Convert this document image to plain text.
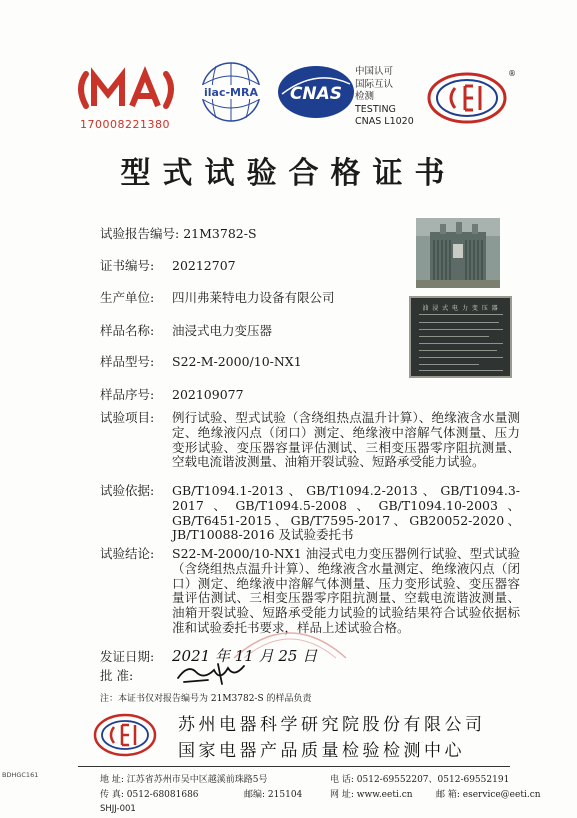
MA
170008221380
ilac-MRA CNAS
中国认可
国际互认
检测
TESTING
CNAS L1020
®
型式试验合格证书
试验报告编号: 21M3782-S
证书编号: 20212707
生产单位: 四川弗莱特电力设备有限公司
样品名称: 油浸式电力变压器
样品型号: S22-M-2000/10-NX1
样品序号: 202109077
油 浸 式 电 力 变 压 器
试验项目:	例行试验、型式试验（含绕组热点温升计算）、绝缘液含水量测定、绝缘液闪点（闭口）测定、绝缘液中溶解气体测量、压力变形试验、变压器容量评估测试、三相变压器零序阻抗测量、空载电流谐波测量、油箱开裂试验、短路承受能力试验。
试验依据:	GB/T1094.1-2013、GB/T1094.2-2013、GB/T1094.3-2017、GB/T1094.5-2008、GB/T1094.10-2003、GB/T6451-2015、GB/T7595-2017、GB20052-2020、JB/T10088-2016 及试验委托书
试验结论:	S22-M-2000/10-NX1 油浸式电力变压器例行试验、型式试验（含绕组热点温升计算）、绝缘液含水量测定、绝缘液闪点（闭口）测定、绝缘液中溶解气体测量、压力变形试验、变压器容量评估测试、三相变压器零序阻抗测量、空载电流谐波测量、油箱开裂试验、短路承受能力试验的试验结果符合试验依据标准和试验委托书要求，样品上述试验合格。
发证日期: 2021 年 11 月 25 日
批 准:
注：本证书仅对报告编号为 21M3782-S 的样品负责
苏州电器科学研究院股份有限公司
国家电器产品质量检验检测中心
BDHGC161	地 址: 江苏省苏州市吴中区越溪前珠路5号	电 话: 0512-69552207、0512-69552191
传 真: 0512-68081686	邮编: 215104	网 址: www.eeti.cn	邮 箱: eservice@eeti.cn
SHJJ-001
